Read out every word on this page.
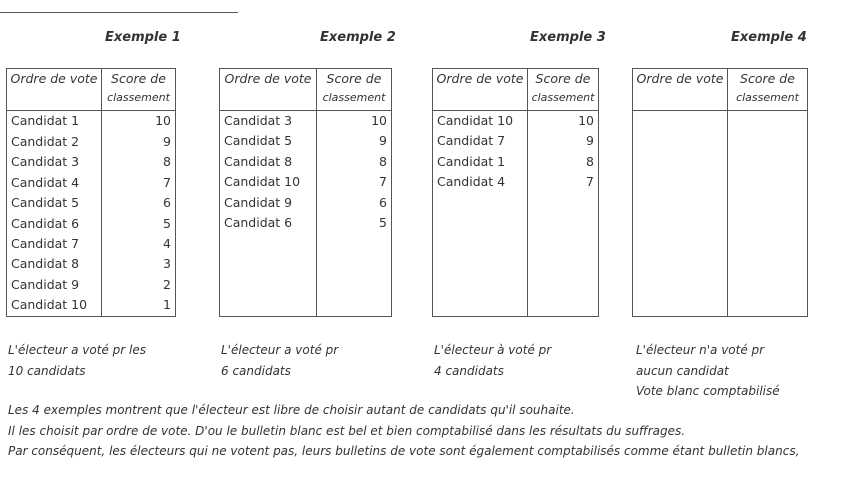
Exemple 1
Ordre de vote	Score de
classement

Candidat 1	10
Candidat 2	9
Candidat 3	8
Candidat 4	7
Candidat 5	6
Candidat 6	5
Candidat 7	4
Candidat 8	3
Candidat 9	2
Candidat 10	1
L'électeur a voté pr les
10 candidats
Exemple 2
Ordre de vote	Score de
classement

Candidat 3	10
Candidat 5	9
Candidat 8	8
Candidat 10	7
Candidat 9	6
Candidat 6	5

L'électeur a voté pr
6 candidats
Exemple 3
Ordre de vote	Score de
classement

Candidat 10	10
Candidat 7	9
Candidat 1	8
Candidat 4	7

L'électeur à voté pr
4 candidats
Exemple 4
Ordre de vote	Score de
classement

L'électeur n'a voté pr
aucun candidat
Vote blanc comptabilisé
Les 4 exemples montrent que l'électeur est libre de choisir autant de candidats qu'il souhaite.
Il les choisit par ordre de vote. D'ou le bulletin blanc est bel et bien comptabilisé dans les résultats du suffrages.
Par conséquent, les électeurs qui ne votent pas, leurs bulletins de vote sont également comptabilisés comme étant bulletin blancs,
